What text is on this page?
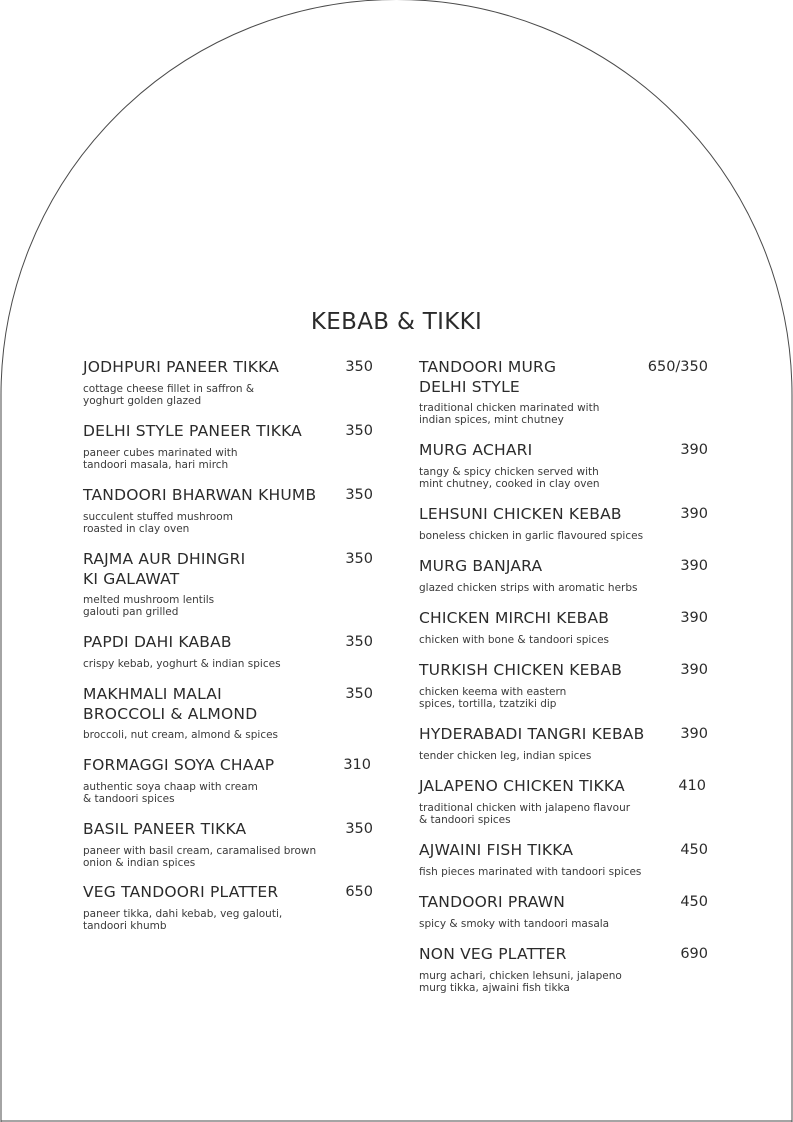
KEBAB & TIKKI
JODHPURI PANEER TIKKA	350
cottage cheese fillet in saffron &
yoghurt golden glazed
DELHI STYLE PANEER TIKKA	350
paneer cubes marinated with
tandoori masala, hari mirch
TANDOORI BHARWAN KHUMB 350
succulent stuffed mushroom
roasted in clay oven
RAJMA AUR DHINGRI
KI GALAWAT
350
melted mushroom lentils
galouti pan grilled
PAPDI DAHI KABAB	350
crispy kebab, yoghurt & indian spices
MAKHMALI MALAI
BROCCOLI & ALMOND
350
broccoli, nut cream, almond & spices
FORMAGGI SOYA CHAAP	310
authentic soya chaap with cream
& tandoori spices
BASIL PANEER TIKKA	350
paneer with basil cream, caramalised brown
onion & indian spices
VEG TANDOORI PLATTER	650
paneer tikka, dahi kebab, veg galouti,
tandoori khumb
TANDOORI MURG
DELHI STYLE
650/350
traditional chicken marinated with
indian spices, mint chutney
MURG ACHARI	390
tangy & spicy chicken served with
mint chutney, cooked in clay oven
LEHSUNI CHICKEN KEBAB	390
boneless chicken in garlic flavoured spices
MURG BANJARA	390
glazed chicken strips with aromatic herbs
CHICKEN MIRCHI KEBAB	390
chicken with bone & tandoori spices
TURKISH CHICKEN KEBAB	390
chicken keema with eastern
spices, tortilla, tzatziki dip
HYDERABADI TANGRI KEBAB 390
tender chicken leg, indian spices
JALAPENO CHICKEN TIKKA	410
traditional chicken with jalapeno flavour
& tandoori spices
AJWAINI FISH TIKKA	450
fish pieces marinated with tandoori spices
TANDOORI PRAWN	450
spicy & smoky with tandoori masala
NON VEG PLATTER	690
murg achari, chicken lehsuni, jalapeno
murg tikka, ajwaini fish tikka
